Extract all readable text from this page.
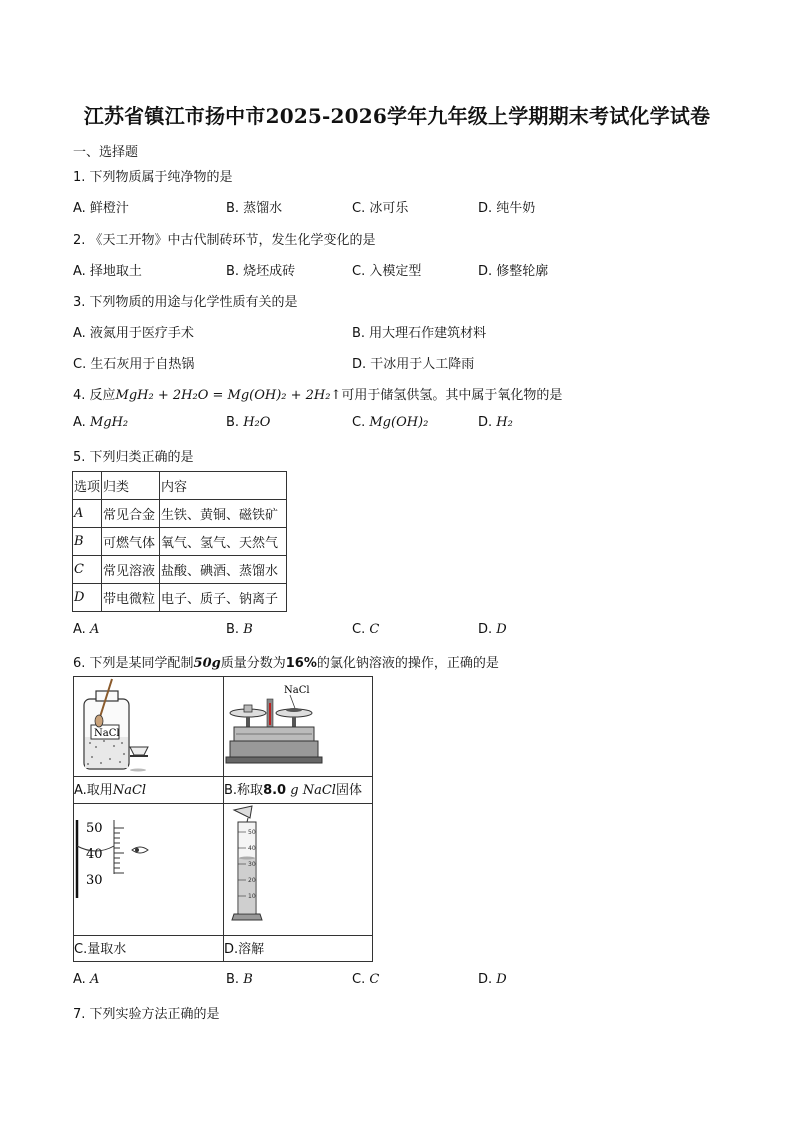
江苏省镇江市扬中市2025-2026学年九年级上学期期末考试化学试卷
一、选择题
1. 下列物质属于纯净物的是
A. 鲜橙汁	B. 蒸馏水	C. 冰可乐	D. 纯牛奶
2. 《天工开物》中古代制砖环节，发生化学变化的是
A. 择地取土	B. 烧坯成砖	C. 入模定型	D. 修整轮廓
3. 下列物质的用途与化学性质有关的是
A. 液氮用于医疗手术	B. 用大理石作建筑材料
C. 生石灰用于自热锅	D. 干冰用于人工降雨
4. 反应MgH₂ + 2H₂O = Mg(OH)₂ + 2H₂↑可用于储氢供氢。其中属于氧化物的是
A. MgH₂	B. H₂O	C. Mg(OH)₂	D. H₂
5. 下列归类正确的是
选项	归类	内容
A	常见合金	生铁、黄铜、磁铁矿
B	可燃气体	氧气、氢气、天然气
C	常见溶液	盐酸、碘酒、蒸馏水
D	带电微粒	电子、质子、钠离子
A. A	B. B	C. C	D. D
6. 下列是某同学配制50g质量分数为16%的氯化钠溶液的操作，正确的是
NaCl
NaCl
A.取用NaCl	B.称取8.0 g NaCl固体
50
40
30
50
40
30
20
10
C.量取水	D.溶解
A. A	B. B	C. C	D. D
7. 下列实验方法正确的是
